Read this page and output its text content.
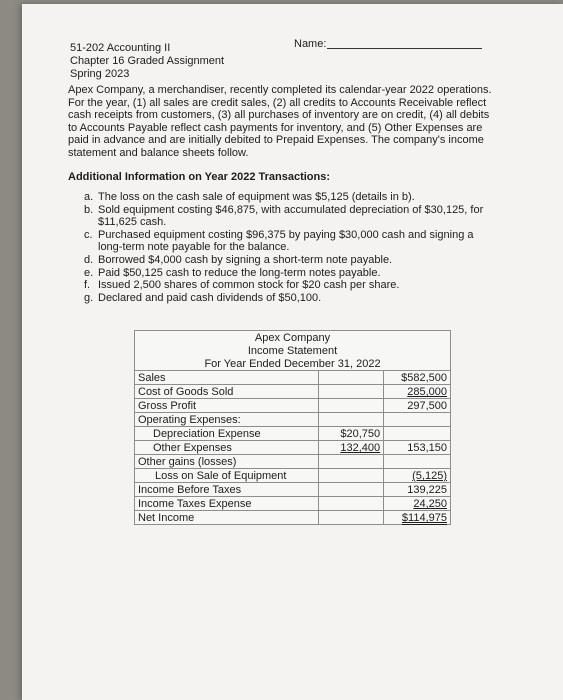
51-202 Accounting II
Chapter 16 Graded Assignment
Spring 2023
Name:
Apex Company, a merchandiser, recently completed its calendar-year 2022 operations. For the year, (1) all sales are credit sales, (2) all credits to Accounts Receivable reflect cash receipts from customers, (3) all purchases of inventory are on credit, (4) all debits to Accounts Payable reflect cash payments for inventory, and (5) Other Expenses are paid in advance and are initially debited to Prepaid Expenses. The company's income statement and balance sheets follow.
Additional Information on Year 2022 Transactions:
a. The loss on the cash sale of equipment was $5,125 (details in b).
b. Sold equipment costing $46,875, with accumulated depreciation of $30,125, for $11,625 cash.
c. Purchased equipment costing $96,375 by paying $30,000 cash and signing a long-term note payable for the balance.
d. Borrowed $4,000 cash by signing a short-term note payable.
e. Paid $50,125 cash to reduce the long-term notes payable.
f. Issued 2,500 shares of common stock for $20 cash per share.
g. Declared and paid cash dividends of $50,100.
Apex Company		
Income Statement		
For Year Ended December 31, 2022		
Sales		$582,500
Cost of Goods Sold		285,000
Gross Profit		297,500
Operating Expenses:		
Depreciation Expense	$20,750	
Other Expenses	132,400	153,150
Other gains (losses)		
Loss on Sale of Equipment		(5,125)
Income Before Taxes		139,225
Income Taxes Expense		24,250
Net Income		$114,975
